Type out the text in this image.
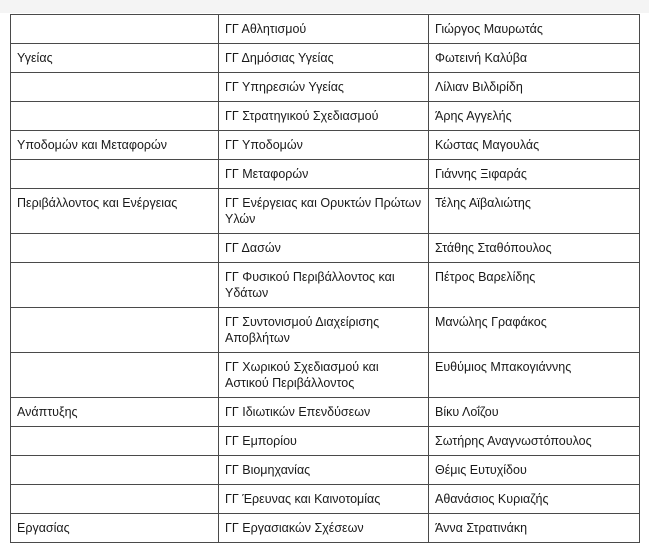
	ΓΓ Αθλητισμού	Γιώργος Μαυρωτάς
Υγείας	ΓΓ Δημόσιας Υγείας	Φωτεινή Καλύβα
	ΓΓ Υπηρεσιών Υγείας	Λίλιαν Βιλδιρίδη
	ΓΓ Στρατηγικού Σχεδιασμού	Άρης Αγγελής
Υποδομών και Μεταφορών	ΓΓ Υποδομών	Κώστας Μαγουλάς
	ΓΓ Μεταφορών	Γιάννης Ξιφαράς
Περιβάλλοντος και Ενέργειας	ΓΓ Ενέργειας και Ορυκτών Πρώτων Υλών	Τέλης Αϊβαλιώτης
	ΓΓ Δασών	Στάθης Σταθόπουλος
	ΓΓ Φυσικού Περιβάλλοντος και Υδάτων	Πέτρος Βαρελίδης
	ΓΓ Συντονισμού Διαχείρισης Αποβλήτων	Μανώλης Γραφάκος
	ΓΓ Χωρικού Σχεδιασμού και Αστικού Περιβάλλοντος	Ευθύμιος Μπακογιάννης
Ανάπτυξης	ΓΓ Ιδιωτικών Επενδύσεων	Βίκυ Λοΐζου
	ΓΓ Εμπορίου	Σωτήρης Αναγνωστόπουλος
	ΓΓ Βιομηχανίας	Θέμις Ευτυχίδου
	ΓΓ Έρευνας και Καινοτομίας	Αθανάσιος Κυριαζής
Εργασίας	ΓΓ Εργασιακών Σχέσεων	Άννα Στρατινάκη
